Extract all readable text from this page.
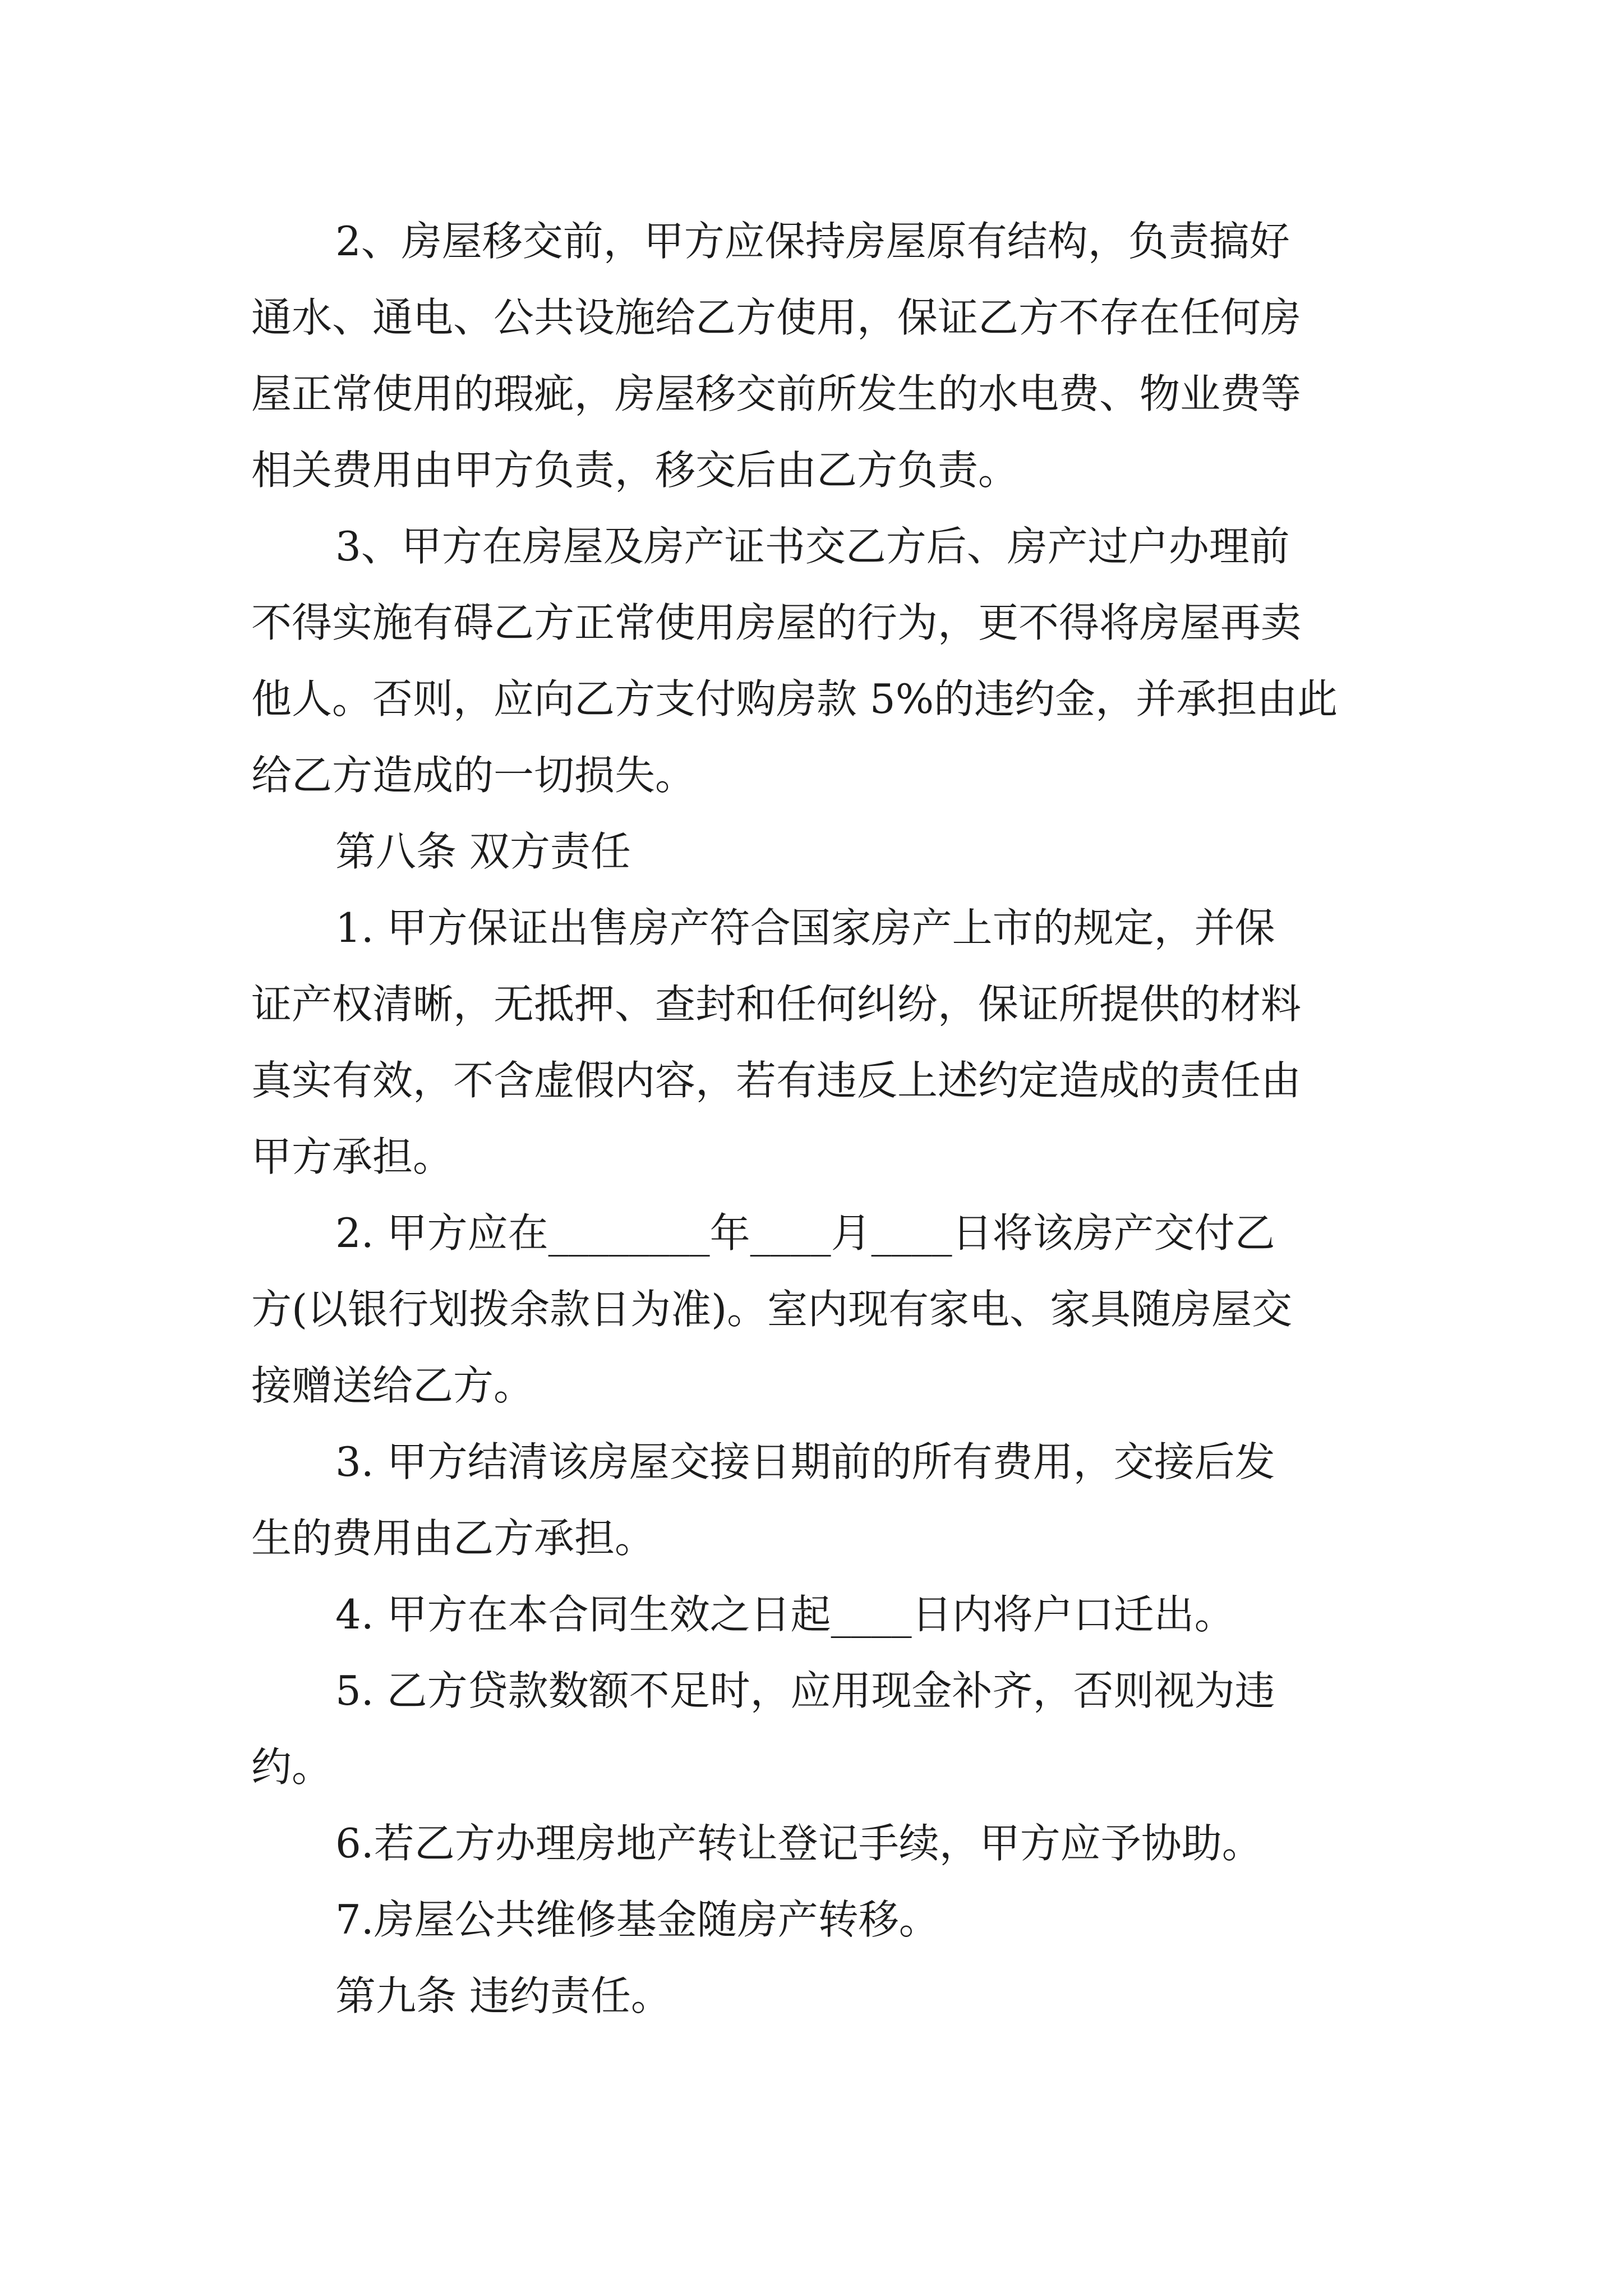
2、房屋移交前，甲方应保持房屋原有结构，负责搞好
通水、通电、公共设施给乙方使用，保证乙方不存在任何房
屋正常使用的瑕疵，房屋移交前所发生的水电费、物业费等
相关费用由甲方负责，移交后由乙方负责。
3、甲方在房屋及房产证书交乙方后、房产过户办理前
不得实施有碍乙方正常使用房屋的行为，更不得将房屋再卖
他人。否则，应向乙方支付购房款 5%的违约金，并承担由此
给乙方造成的一切损失。
第八条 双方责任
1. 甲方保证出售房产符合国家房产上市的规定，并保
证产权清晰，无抵押、查封和任何纠纷，保证所提供的材料
真实有效，不含虚假内容，若有违反上述约定造成的责任由
甲方承担。
2. 甲方应在________年____月____日将该房产交付乙
方(以银行划拨余款日为准)。室内现有家电、家具随房屋交
接赠送给乙方。
3. 甲方结清该房屋交接日期前的所有费用，交接后发
生的费用由乙方承担。
4. 甲方在本合同生效之日起____日内将户口迁出。
5. 乙方贷款数额不足时，应用现金补齐，否则视为违
约。
6.若乙方办理房地产转让登记手续，甲方应予协助。
7.房屋公共维修基金随房产转移。
第九条 违约责任。
